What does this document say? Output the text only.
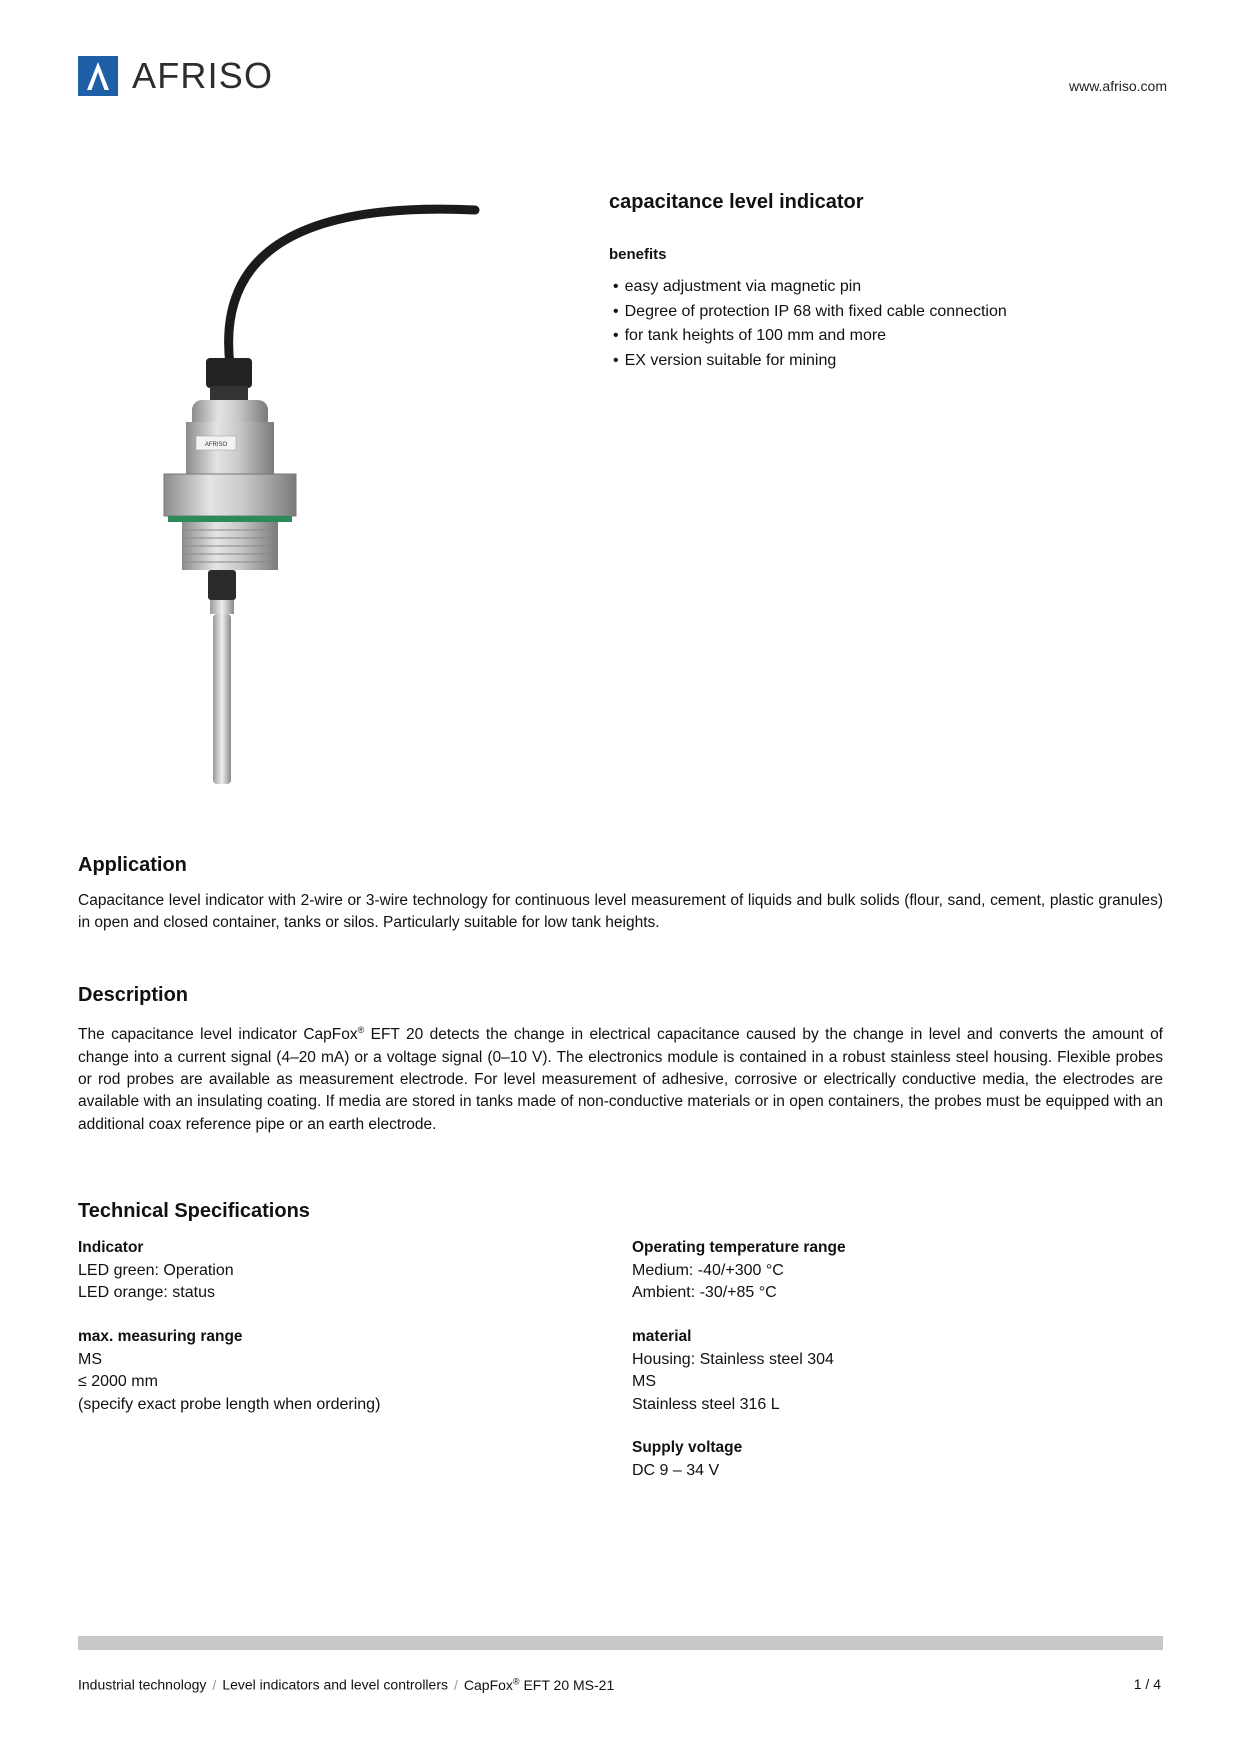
AFRISO	www.afriso.com
AFRISO
capacitance level indicator
benefits
• easy adjustment via magnetic pin
• Degree of protection IP 68 with fixed cable connection
• for tank heights of 100 mm and more
• EX version suitable for mining
Application

Capacitance level indicator with 2-wire or 3-wire technology for continuous level measurement of liquids and bulk solids (flour, sand, cement, plastic granules) in open and closed container, tanks or silos. Particularly suitable for low tank heights.

Description

The capacitance level indicator CapFox® EFT 20 detects the change in electrical capacitance caused by the change in level and converts the amount of change into a current signal (4–20 mA) or a voltage signal (0–10 V). The electronics module is contained in a robust stainless steel housing. Flexible probes or rod probes are available as measurement electrode. For level measurement of adhesive, corrosive or electrically conductive media, the electrodes are available with an insulating coating. If media are stored in tanks made of non-conductive materials or in open containers, the probes must be equipped with an additional coax reference pipe or an earth electrode.

Technical Specifications
Indicator
LED green: Operation
LED orange: status
max. measuring range
MS
≤ 2000 mm
(specify exact probe length when ordering)
Operating temperature range
Medium: -40/+300 °C
Ambient: -30/+85 °C
material
Housing: Stainless steel 304
MS
Stainless steel 316 L
Supply voltage
DC 9 – 34 V
Industrial technology / Level indicators and level controllers / CapFox® EFT 20 MS-21	1 / 4
